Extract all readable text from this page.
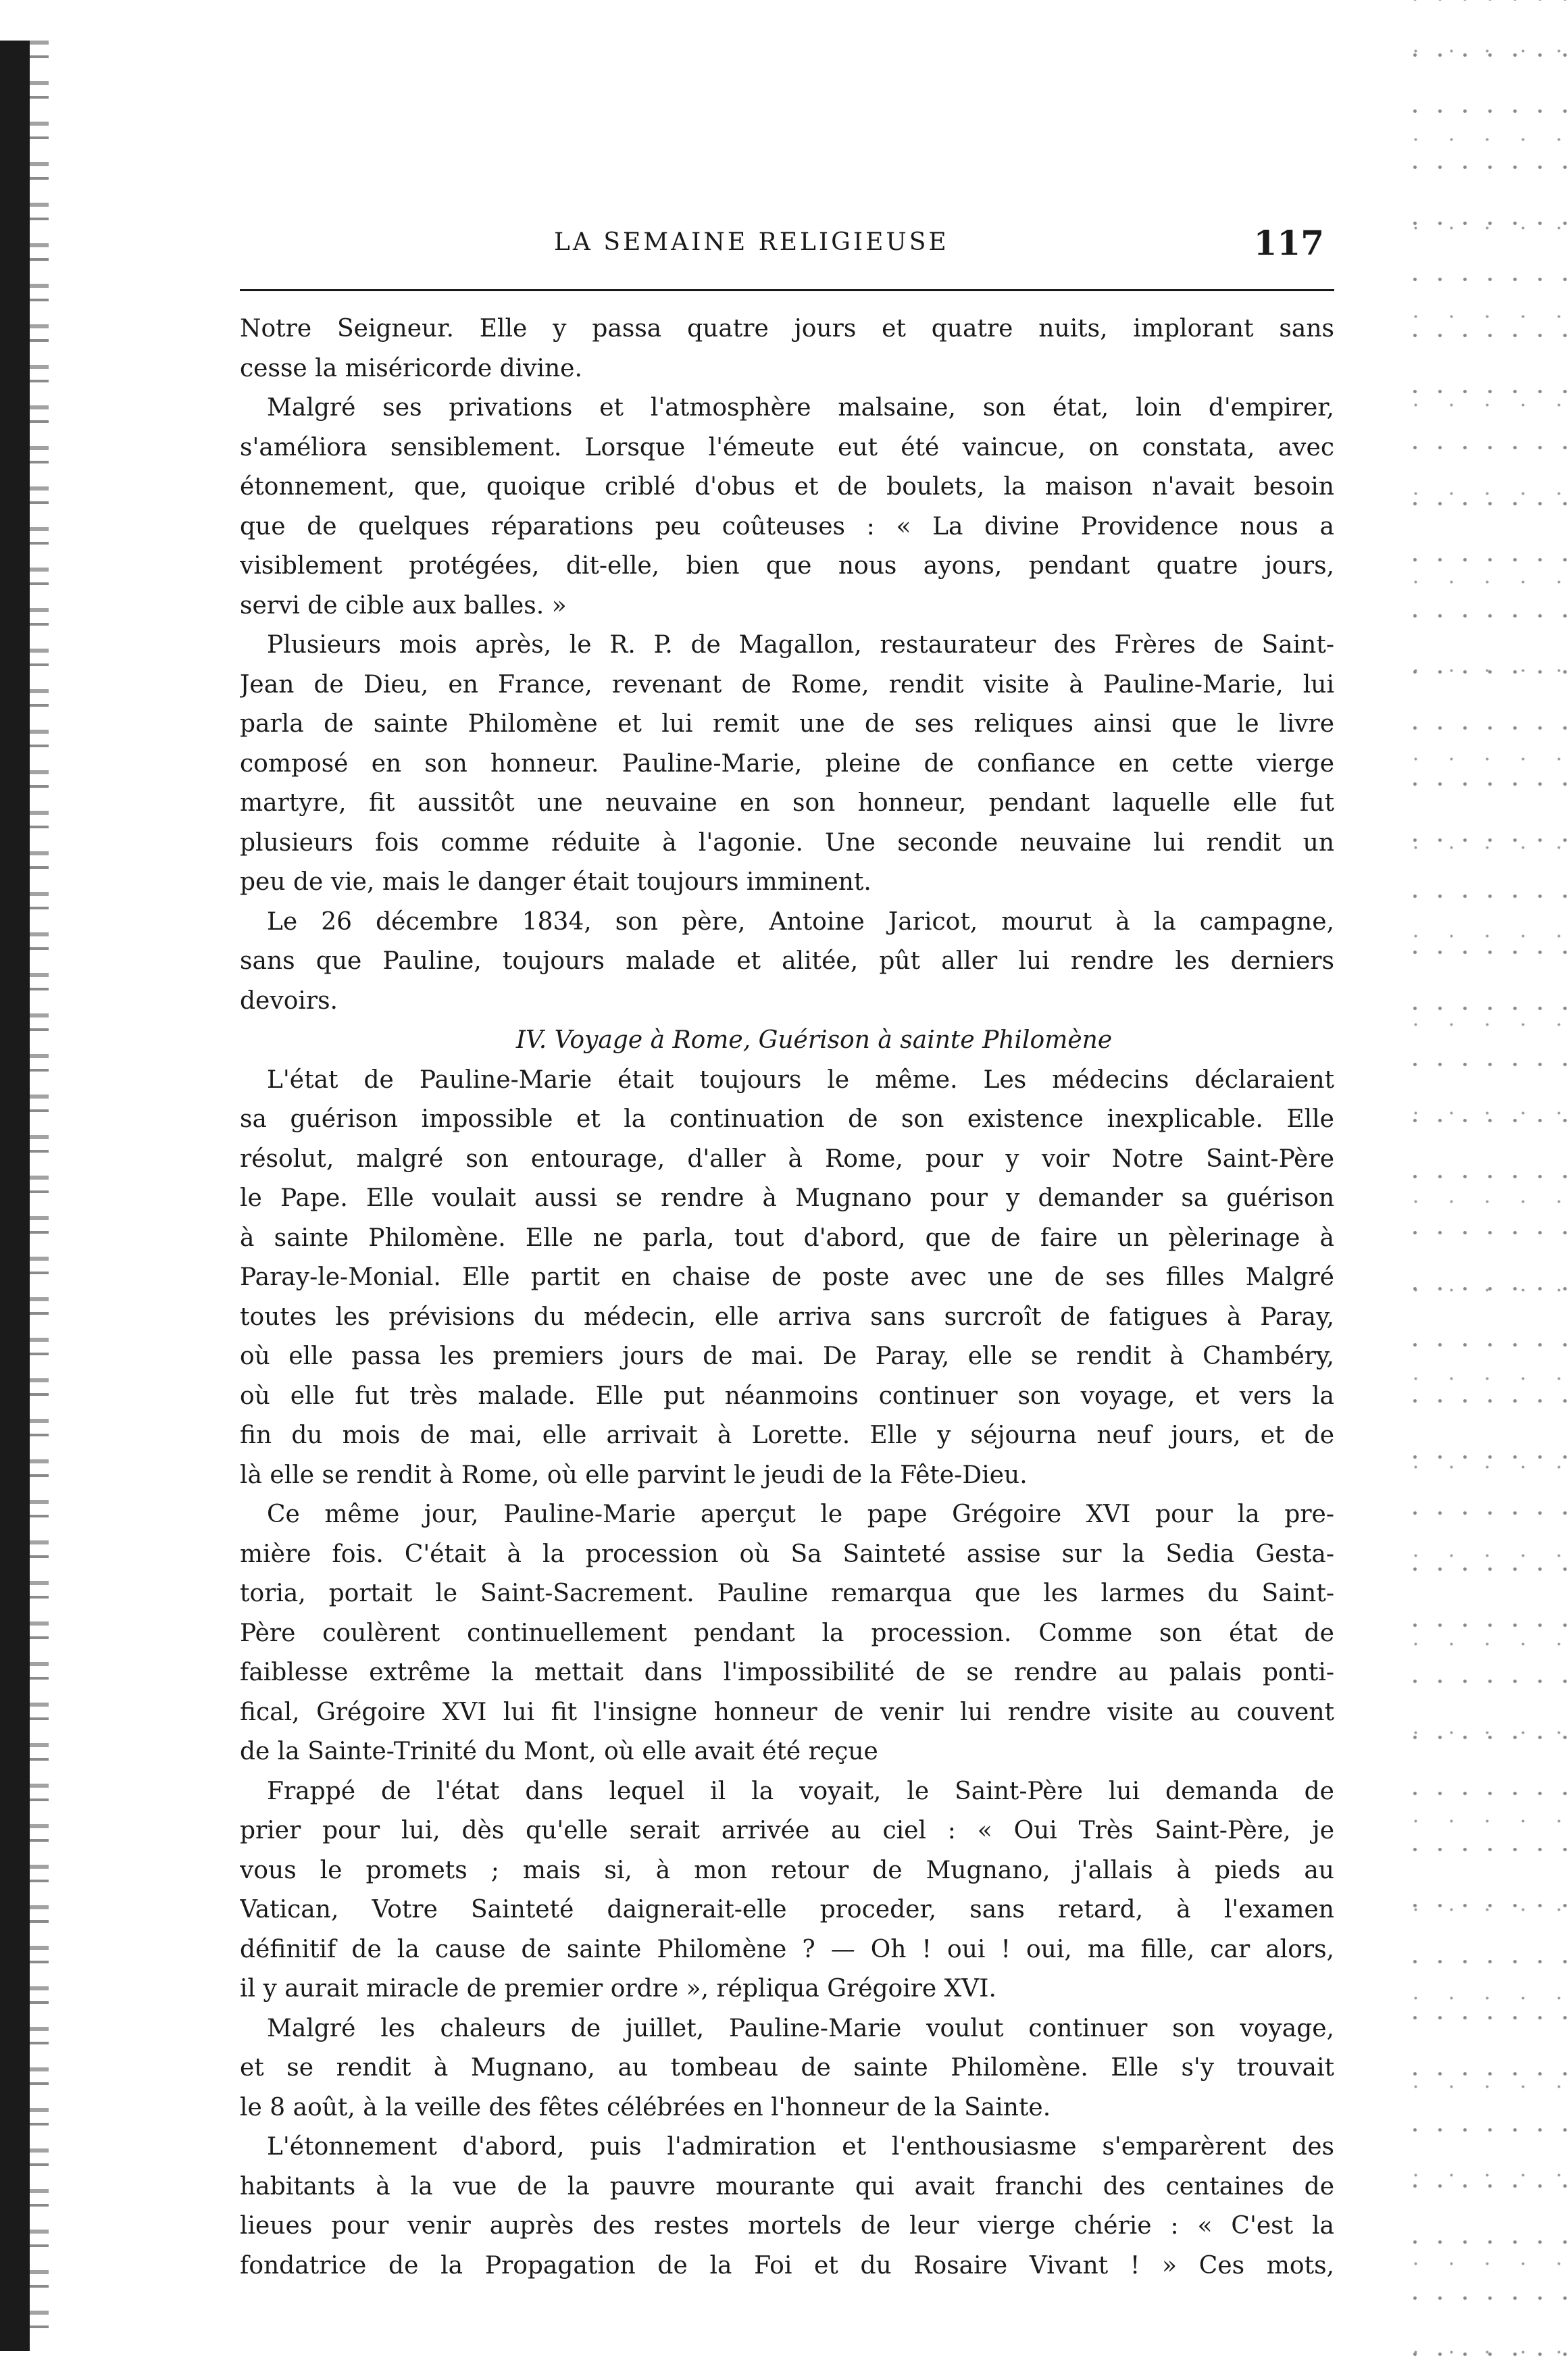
LA SEMAINE RELIGIEUSE	117
Notre Seigneur. Elle y passa quatre jours et quatre nuits, implorant sans
cesse la miséricorde divine.
Malgré ses privations et l'atmosphère malsaine, son état, loin d'empirer,
s'améliora sensiblement. Lorsque l'émeute eut été vaincue, on constata, avec
étonnement, que, quoique criblé d'obus et de boulets, la maison n'avait besoin
que de quelques réparations peu coûteuses : « La divine Providence nous a
visiblement protégées, dit-elle, bien que nous ayons, pendant quatre jours,
servi de cible aux balles. »
Plusieurs mois après, le R. P. de Magallon, restaurateur des Frères de Saint-
Jean de Dieu, en France, revenant de Rome, rendit visite à Pauline-Marie, lui
parla de sainte Philomène et lui remit une de ses reliques ainsi que le livre
composé en son honneur. Pauline-Marie, pleine de confiance en cette vierge
martyre, fit aussitôt une neuvaine en son honneur, pendant laquelle elle fut
plusieurs fois comme réduite à l'agonie. Une seconde neuvaine lui rendit un
peu de vie, mais le danger était toujours imminent.
Le 26 décembre 1834, son père, Antoine Jaricot, mourut à la campagne,
sans que Pauline, toujours malade et alitée, pût aller lui rendre les derniers
devoirs.
IV. Voyage à Rome, Guérison à sainte Philomène
L'état de Pauline-Marie était toujours le même. Les médecins déclaraient
sa guérison impossible et la continuation de son existence inexplicable. Elle
résolut, malgré son entourage, d'aller à Rome, pour y voir Notre Saint-Père
le Pape. Elle voulait aussi se rendre à Mugnano pour y demander sa guérison
à sainte Philomène. Elle ne parla, tout d'abord, que de faire un pèlerinage à
Paray-le-Monial. Elle partit en chaise de poste avec une de ses filles Malgré
toutes les prévisions du médecin, elle arriva sans surcroît de fatigues à Paray,
où elle passa les premiers jours de mai. De Paray, elle se rendit à Chambéry,
où elle fut très malade. Elle put néanmoins continuer son voyage, et vers la
fin du mois de mai, elle arrivait à Lorette. Elle y séjourna neuf jours, et de
là elle se rendit à Rome, où elle parvint le jeudi de la Fête-Dieu.
Ce même jour, Pauline-Marie aperçut le pape Grégoire XVI pour la pre-
mière fois. C'était à la procession où Sa Sainteté assise sur la Sedia Gesta-
toria, portait le Saint-Sacrement. Pauline remarqua que les larmes du Saint-
Père coulèrent continuellement pendant la procession. Comme son état de
faiblesse extrême la mettait dans l'impossibilité de se rendre au palais ponti-
fical, Grégoire XVI lui fit l'insigne honneur de venir lui rendre visite au couvent
de la Sainte-Trinité du Mont, où elle avait été reçue
Frappé de l'état dans lequel il la voyait, le Saint-Père lui demanda de
prier pour lui, dès qu'elle serait arrivée au ciel : « Oui Très Saint-Père, je
vous le promets ; mais si, à mon retour de Mugnano, j'allais à pieds au
Vatican, Votre Sainteté daignerait-elle proceder, sans retard, à l'examen
définitif de la cause de sainte Philomène ? — Oh ! oui ! oui, ma fille, car alors,
il y aurait miracle de premier ordre », répliqua Grégoire XVI.
Malgré les chaleurs de juillet, Pauline-Marie voulut continuer son voyage,
et se rendit à Mugnano, au tombeau de sainte Philomène. Elle s'y trouvait
le 8 août, à la veille des fêtes célébrées en l'honneur de la Sainte.
L'étonnement d'abord, puis l'admiration et l'enthousiasme s'emparèrent des
habitants à la vue de la pauvre mourante qui avait franchi des centaines de
lieues pour venir auprès des restes mortels de leur vierge chérie : « C'est la
fondatrice de la Propagation de la Foi et du Rosaire Vivant ! » Ces mots,
